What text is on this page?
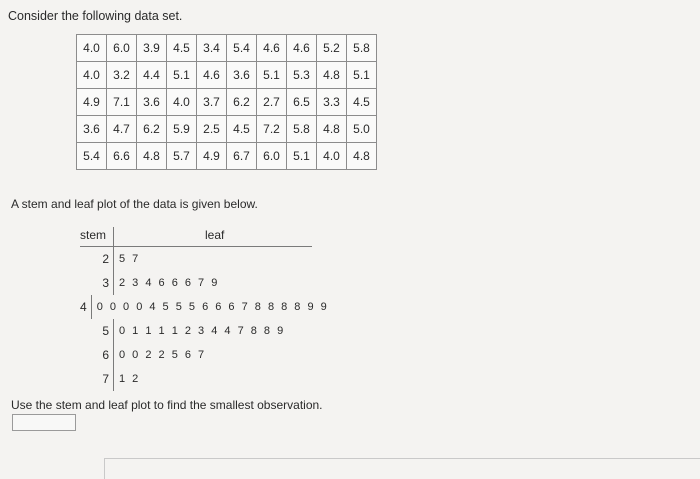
Consider the following data set.
4.0	6.0	3.9	4.5	3.4	5.4	4.6	4.6	5.2	5.8
4.0	3.2	4.4	5.1	4.6	3.6	5.1	5.3	4.8	5.1
4.9	7.1	3.6	4.0	3.7	6.2	2.7	6.5	3.3	4.5
3.6	4.7	6.2	5.9	2.5	4.5	7.2	5.8	4.8	5.0
5.4	6.6	4.8	5.7	4.9	6.7	6.0	5.1	4.0	4.8
A stem and leaf plot of the data is given below.
stem	leaf
2 5 7
3 2 3 4 6 6 6 7 9
4 0 0 0 0 4 5 5 5 6 6 6 7 8 8 8 8 9 9
5 0 1 1 1 1 2 3 4 4 7 8 8 9
6 0 0 2 2 5 6 7
7 1 2
Use the stem and leaf plot to find the smallest observation.
